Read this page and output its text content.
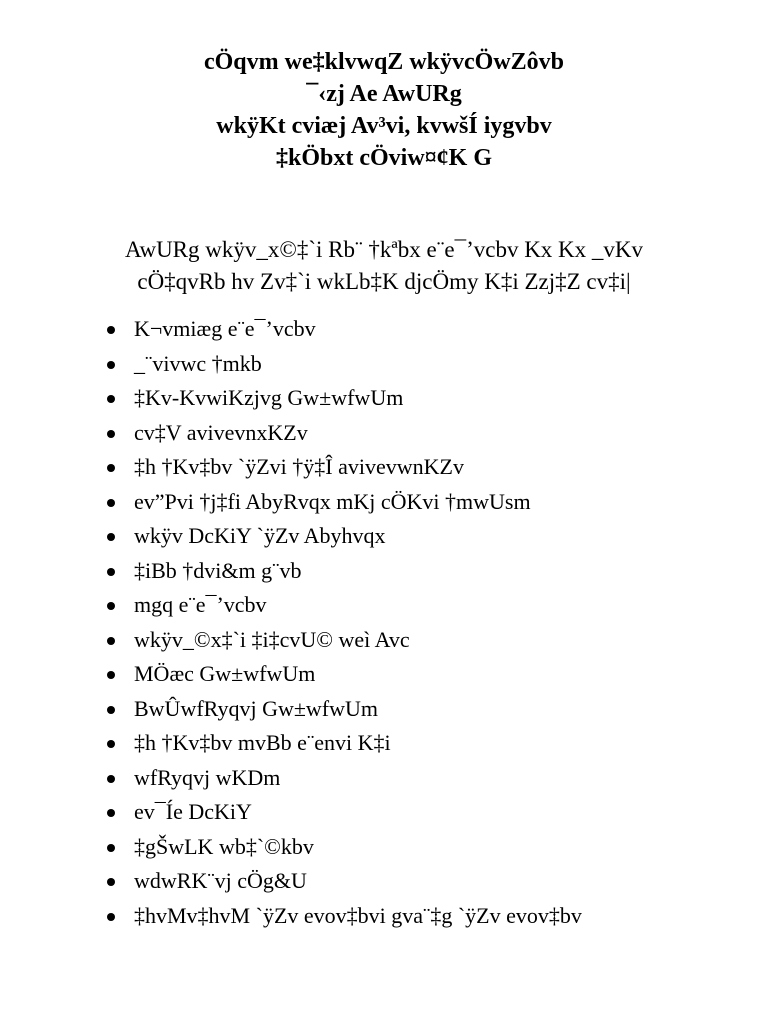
cÖqvm we‡klvwqZ wkÿvcÖwZôvb
¯‹zj Ae AwURg
wkÿKt cviæj Av³vi, kvwšÍ iygvbv
‡kÖbxt cÖviw¤¢K G
AwURg wkÿv_x©‡`i Rb¨ †kªbx e¨e¯’vcbv Kx Kx _vKv
cÖ‡qvRb hv Zv‡`i wkLb‡K djcÖmy K‡i Zzj‡Z cv‡i|
K¬vmiæg e¨e¯’vcbv
_¨vivwc †mkb
‡Kv-KvwiKzjvg Gw±wfwUm
cv‡V avivevnxKZv
‡h †Kv‡bv `ÿZvi †ÿ‡Î avivevwnKZv
ev”Pvi †j‡fi AbyRvqx mKj cÖKvi †mwUsm
wkÿv DcKiY `ÿZv Abyhvqx
‡iBb †dvi&m g¨vb
mgq e¨e¯’vcbv
wkÿv_©x‡`i ‡i‡cvU© weì Avc
MÖæc Gw±wfwUm
BwÛwfRyqvj Gw±wfwUm
‡h †Kv‡bv mvBb e¨envi K‡i
wfRyqvj wKDm
ev¯Íe DcKiY
‡gŠwLK wb‡`©kbv
wdwRK¨vj cÖg&U
‡hvMv‡hvM `ÿZv evov‡bvi gva¨‡g `ÿZv evov‡bv
